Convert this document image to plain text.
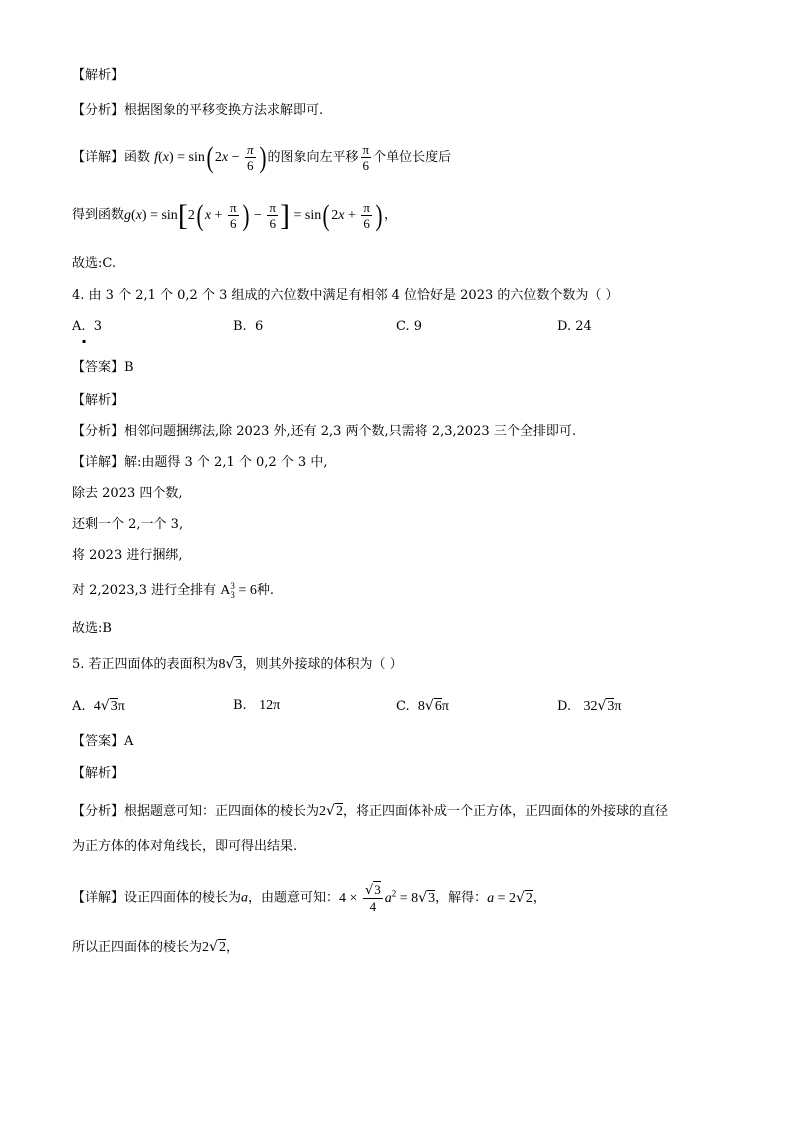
【解析】
【分析】根据图象的平移变换方法求解即可.
【详解】函数 f(x) = sin( $2x - \frac{\pi}{6}$ ) 的图象向左平移 $\frac{\pi}{6}$ 个单位长度后
得到函数g(x) = sin[2( $x + \frac{\pi}{6}$ ) − $\frac{\pi}{6}$ ] = sin( $2x + \frac{\pi}{6}$ ) ，
故选:C.
4. 由 3 个 2,1 个 0,2 个 3 组成的六位数中满足有相邻 4 位恰好是 2023 的六位数个数为（ ）
A. 3	B. 6	C. 9	D. 24
▪
【答案】B
【解析】
【分析】相邻问题捆绑法,除 2023 外,还有 2,3 两个数,只需将 2,3,2023 三个全排即可.
【详解】解:由题得 3 个 2,1 个 0,2 个 3 中,
除去 2023 四个数,
还剩一个 2,一个 3,
将 2023 进行捆绑,
对 2,2023,3 进行全排有 A 3
3 = 6种.
故选:B
5. 若正四面体的表面积为8√3，则其外接球的体积为（ ）
A. 4√3π	B. 12π	C. 8√6π	D. 32√3π
【答案】A
【解析】
【分析】根据题意可知：正四面体的棱长为2√2，将正四面体补成一个正方体，正四面体的外接球的直径
为正方体的体对角线长，即可得出结果.
【详解】设正四面体的棱长为a，由题意可知：$4 \times \frac{√3}{4} a^2 = 8√3$，解得：a = 2√2，
所以正四面体的棱长为2√2，
